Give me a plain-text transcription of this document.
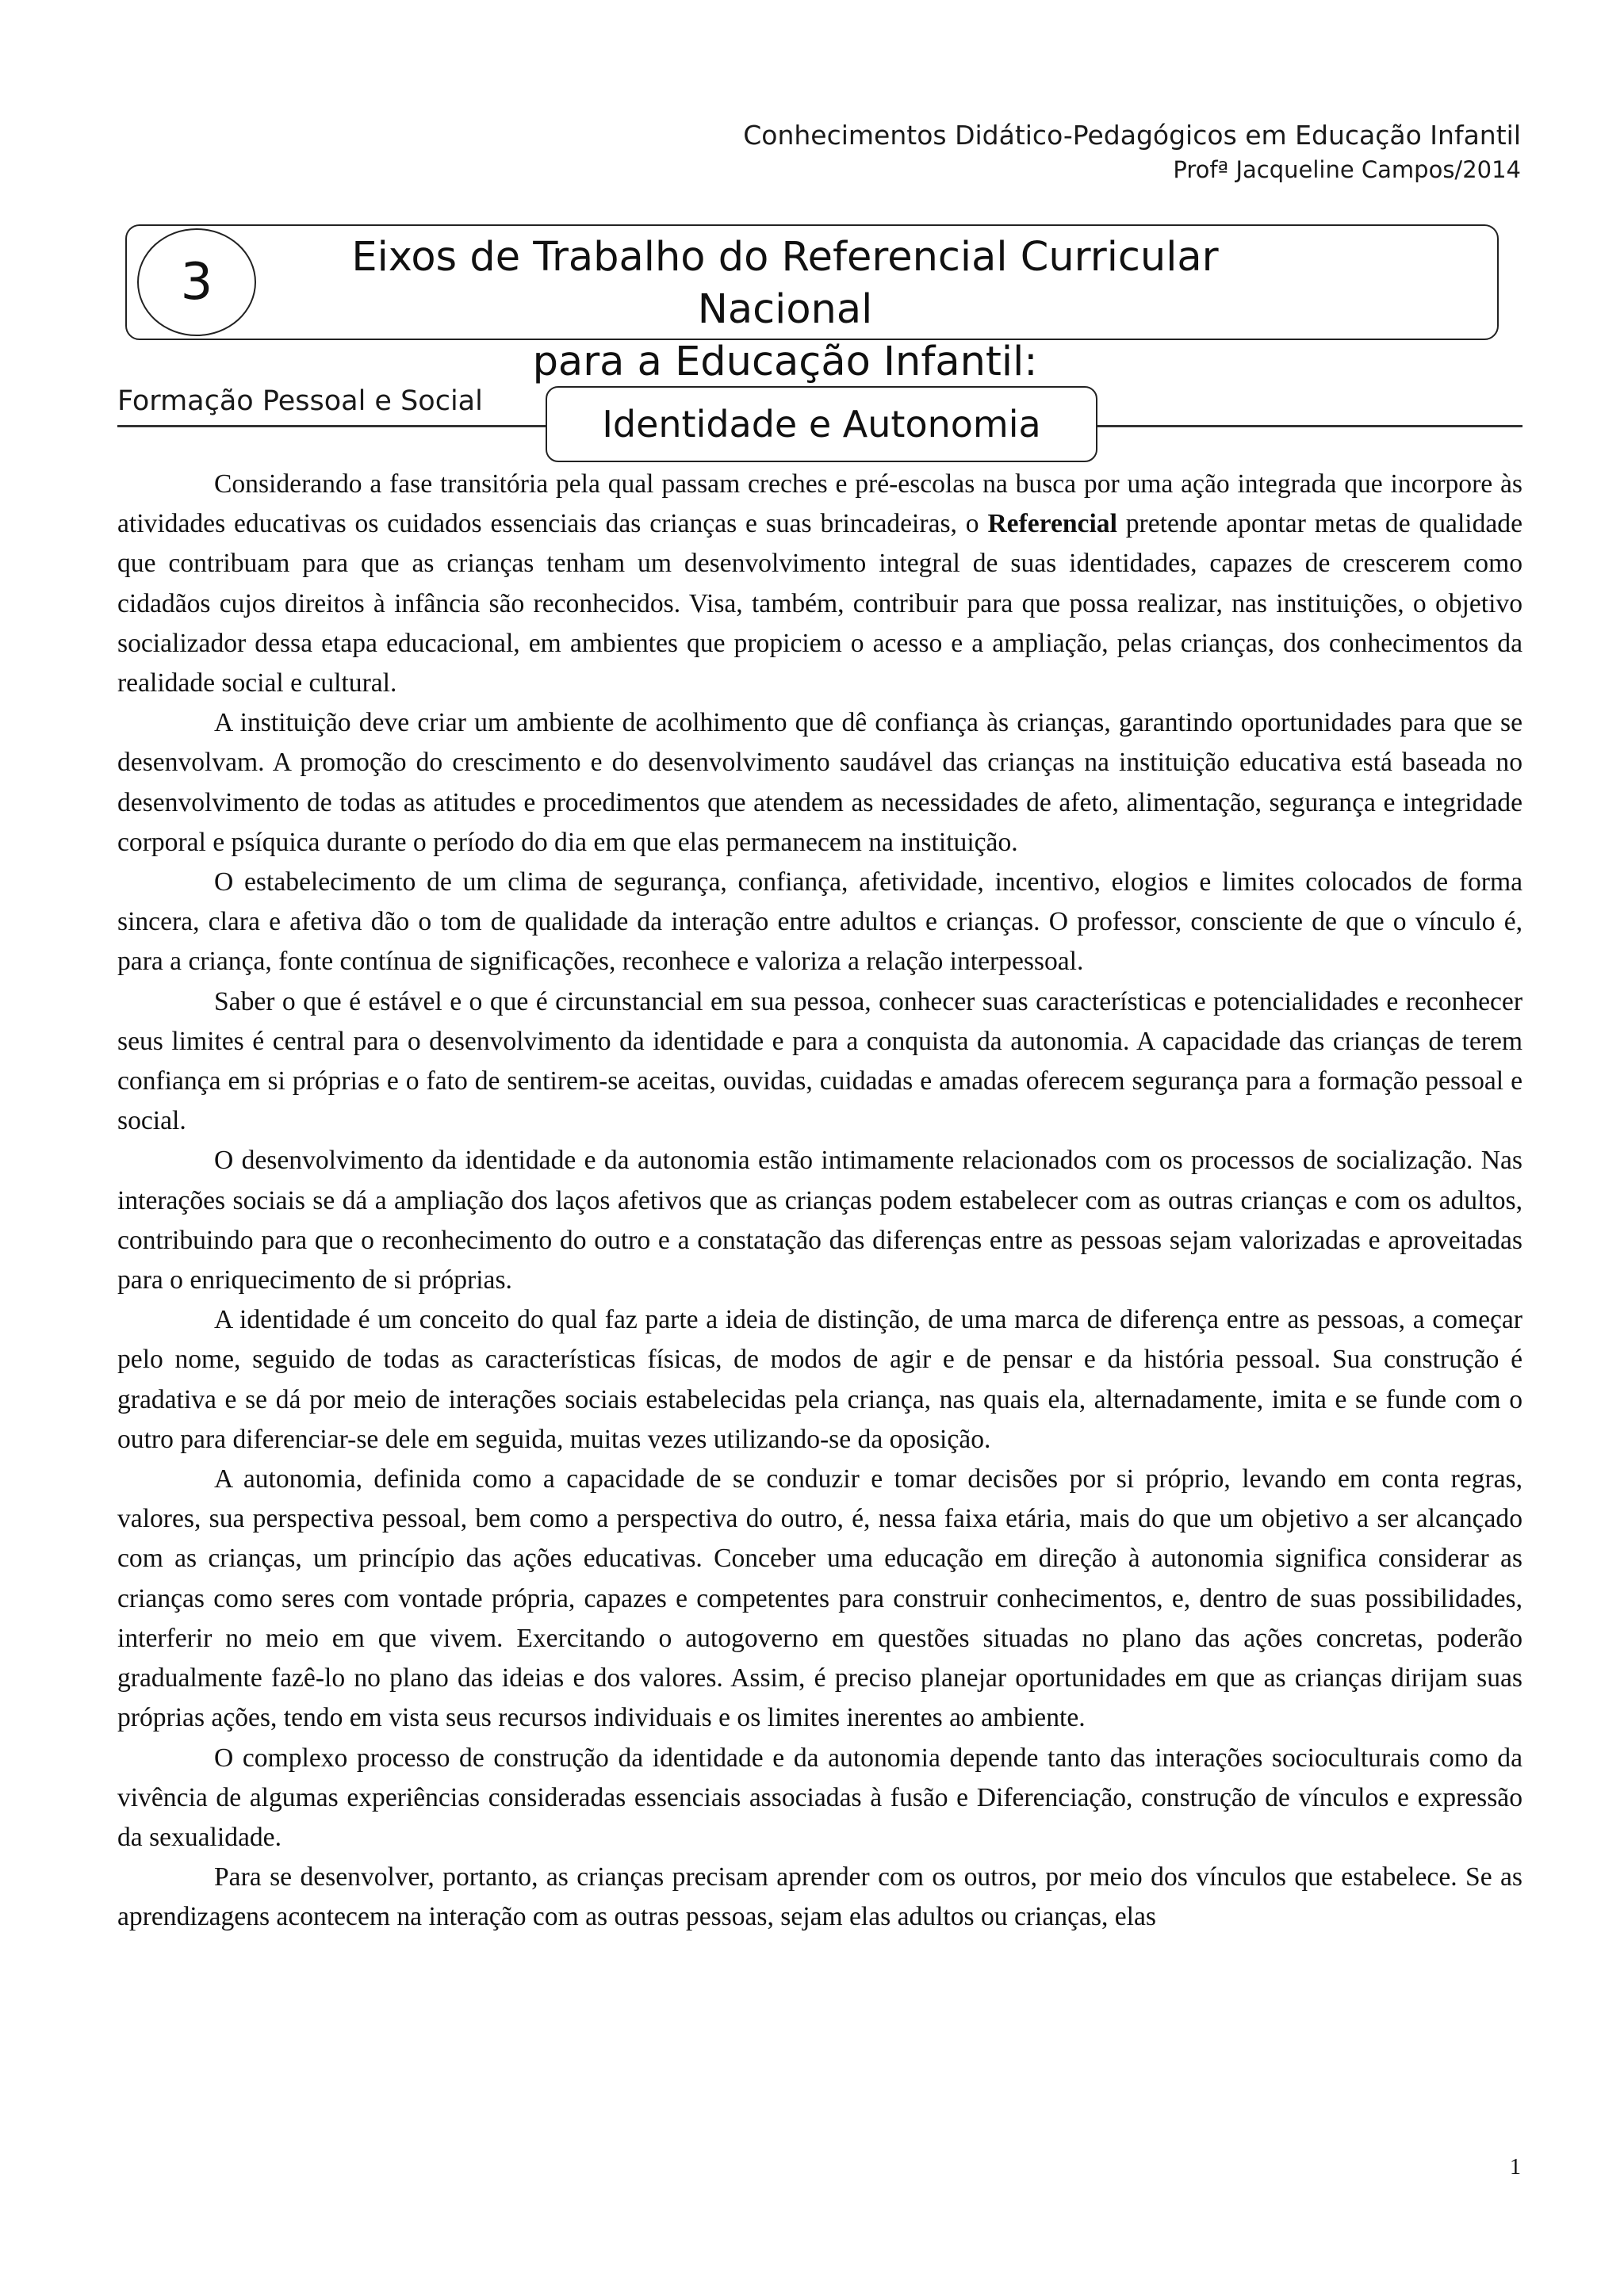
Conhecimentos Didático-Pedagógicos em Educação Infantil
Profª Jacqueline Campos/2014
3	Eixos de Trabalho do Referencial Curricular Nacional
para a Educação Infantil:
Formação Pessoal e Social
Identidade e Autonomia

Considerando a fase transitória pela qual passam creches e pré-escolas na busca por uma ação integrada que incorpore às atividades educativas os cuidados essenciais das crianças e suas brincadeiras, o Referencial pretende apontar metas de qualidade que contribuam para que as crianças tenham um desenvolvimento integral de suas identidades, capazes de crescerem como cidadãos cujos direitos à infância são reconhecidos. Visa, também, contribuir para que possa realizar, nas instituições, o objetivo socializador dessa etapa educacional, em ambientes que propiciem o acesso e a ampliação, pelas crianças, dos conhecimentos da realidade social e cultural.

A instituição deve criar um ambiente de acolhimento que dê confiança às crianças, garantindo oportunidades para que se desenvolvam. A promoção do crescimento e do desenvolvimento saudável das crianças na instituição educativa está baseada no desenvolvimento de todas as atitudes e procedimentos que atendem as necessidades de afeto, alimentação, segurança e integridade corporal e psíquica durante o período do dia em que elas permanecem na instituição.

O estabelecimento de um clima de segurança, confiança, afetividade, incentivo, elogios e limites colocados de forma sincera, clara e afetiva dão o tom de qualidade da interação entre adultos e crianças. O professor, consciente de que o vínculo é, para a criança, fonte contínua de significações, reconhece e valoriza a relação interpessoal.

Saber o que é estável e o que é circunstancial em sua pessoa, conhecer suas características e potencialidades e reconhecer seus limites é central para o desenvolvimento da identidade e para a conquista da autonomia. A capacidade das crianças de terem confiança em si próprias e o fato de sentirem-se aceitas, ouvidas, cuidadas e amadas oferecem segurança para a formação pessoal e social.

O desenvolvimento da identidade e da autonomia estão intimamente relacionados com os processos de socialização. Nas interações sociais se dá a ampliação dos laços afetivos que as crianças podem estabelecer com as outras crianças e com os adultos, contribuindo para que o reconhecimento do outro e a constatação das diferenças entre as pessoas sejam valorizadas e aproveitadas para o enriquecimento de si próprias.

A identidade é um conceito do qual faz parte a ideia de distinção, de uma marca de diferença entre as pessoas, a começar pelo nome, seguido de todas as características físicas, de modos de agir e de pensar e da história pessoal. Sua construção é gradativa e se dá por meio de interações sociais estabelecidas pela criança, nas quais ela, alternadamente, imita e se funde com o outro para diferenciar-se dele em seguida, muitas vezes utilizando-se da oposição.

A autonomia, definida como a capacidade de se conduzir e tomar decisões por si próprio, levando em conta regras, valores, sua perspectiva pessoal, bem como a perspectiva do outro, é, nessa faixa etária, mais do que um objetivo a ser alcançado com as crianças, um princípio das ações educativas. Conceber uma educação em direção à autonomia significa considerar as crianças como seres com vontade própria, capazes e competentes para construir conhecimentos, e, dentro de suas possibilidades, interferir no meio em que vivem. Exercitando o autogoverno em questões situadas no plano das ações concretas, poderão gradualmente fazê-lo no plano das ideias e dos valores. Assim, é preciso planejar oportunidades em que as crianças dirijam suas próprias ações, tendo em vista seus recursos individuais e os limites inerentes ao ambiente.

O complexo processo de construção da identidade e da autonomia depende tanto das interações socioculturais como da vivência de algumas experiências consideradas essenciais associadas à fusão e Diferenciação, construção de vínculos e expressão da sexualidade.

Para se desenvolver, portanto, as crianças precisam aprender com os outros, por meio dos vínculos que estabelece. Se as aprendizagens acontecem na interação com as outras pessoas, sejam elas adultos ou crianças, elas

1
